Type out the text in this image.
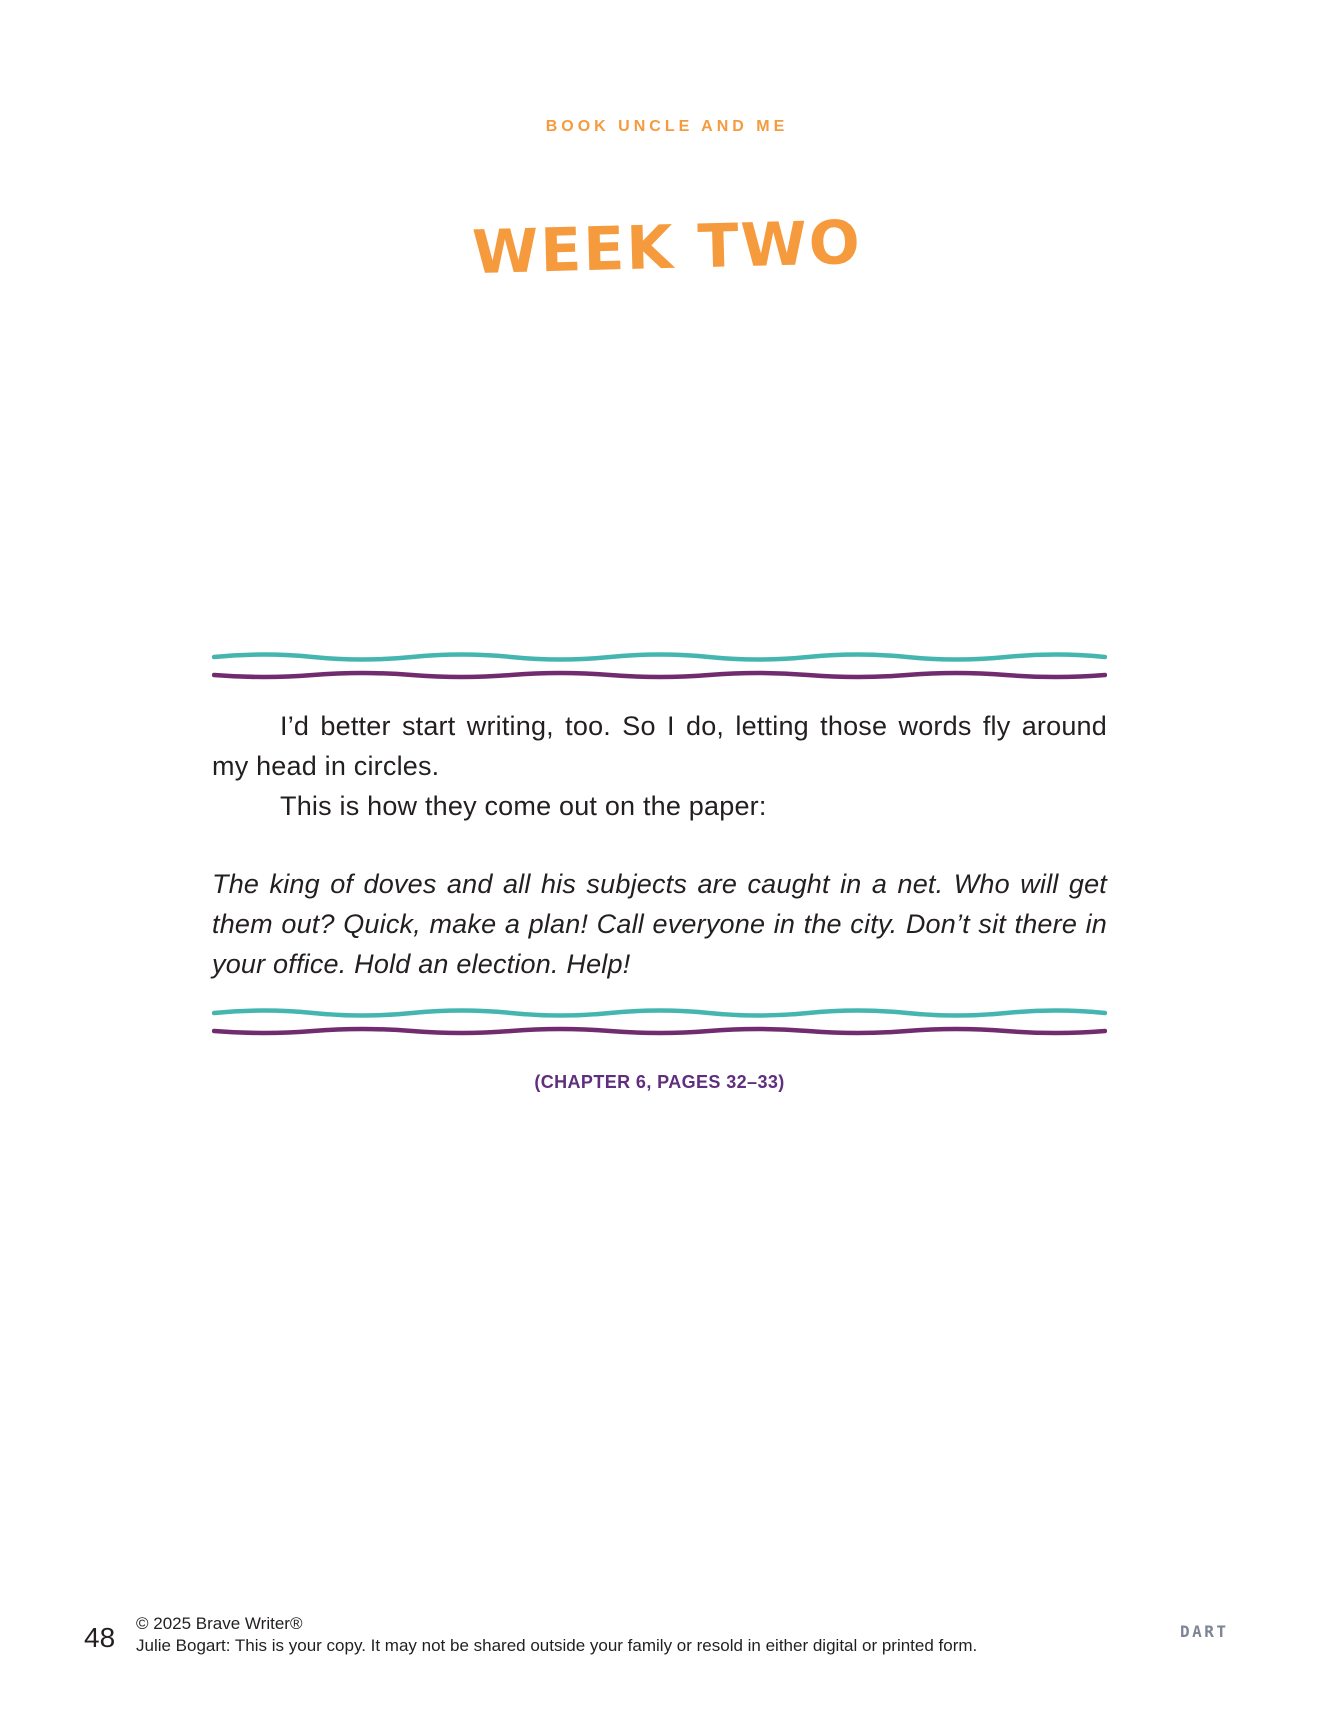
BOOK UNCLE AND ME
WEEK TWO

I’d better start writing, too. So I do, letting those words fly around my head in circles.

This is how they come out on the paper:

The king of doves and all his subjects are caught in a net. Who will get them out? Quick, make a plan! Call everyone in the city. Don’t sit there in your office. Hold an election. Help!

(CHAPTER 6, PAGES 32–33)
48 © 2025 Brave Writer®
Julie Bogart: This is your copy. It may not be shared outside your family or resold in either digital or printed form.
DART
